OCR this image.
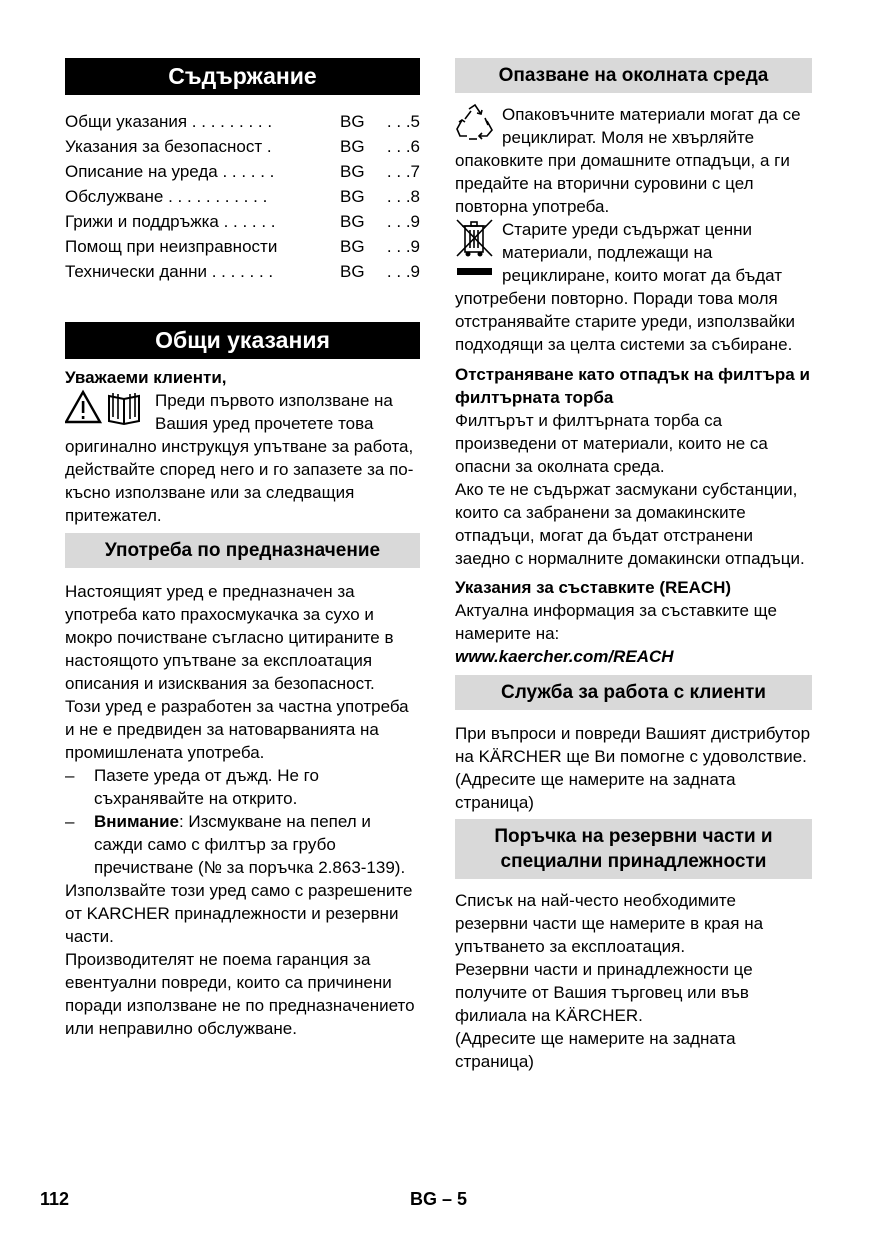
Съдържание
Общи указания . . . . . . . . .	BG	. . .5
Указания за безопасност .	BG	. . .6
Описание на уреда . . . . . .	BG	. . .7
Обслужване . . . . . . . . . . .	BG	. . .8
Грижи и поддръжка . . . . . .	BG	. . .9
Помощ при неизправности	BG	. . .9
Технически данни . . . . . . .	BG	. . .9
Общи указания

Уважаеми клиенти,

Преди първото използване на Вашия уред прочетете това оригинално инструкцуя упътване за работа, действайте според него и го запазете за по-късно използване или за следващия притежател.

Употреба по предназначение

Настоящият уред е предназначен за употреба като прахосмукачка за сухо и мокро почистване съгласно цитираните в настоящото упътване за експлоатация описания и изисквания за безопасност.

Този уред е разработен за частна употреба и не е предвиден за натоварванията на промишлената употреба.

– Пазете уреда от дъжд. Не го съхранявайте на открито.
– Внимание: Изсмукване на пепел и сажди само с филтър за грубо пречистване (№ за поръчка 2.863-139).

Използвайте този уред само с разрешените от KARCHER принадлежности и резервни части.

Производителят не поема гаранция за евентуални повреди, които са причинени поради използване не по предназначението или неправилно обслужване.

Опазване на околната среда

Опаковъчните материали могат да се рециклират. Моля не хвърляйте опаковките при домашните отпадъци, а ги предайте на вторични суровини с цел повторна употреба.

Старите уреди съдържат ценни материали, подлежащи на рециклиране, които могат да бъдат употребени повторно. Поради това моля отстранявайте старите уреди, използвайки подходящи за целта системи за събиране.

Отстраняване като отпадък на филтъра и филтърната торба

Филтърът и филтърната торба са произведени от материали, които не са опасни за околната среда.

Ако те не съдържат засмукани субстанции, които са забранени за домакинските отпадъци, могат да бъдат отстранени заедно с нормалните домакински отпадъци.

Указания за съставките (REACH)

Актуална информация за съставките ще намерите на:

www.kaercher.com/REACH

Служба за работа с клиенти

При въпроси и повреди Вашият дистрибутор на KÄRCHER ще Ви помогне с удоволствие.

(Адресите ще намерите на задната страница)

Поръчка на резервни части и специални принадлежности

Списък на най-често необходимите резервни части ще намерите в края на упътването за експлоатация.

Резервни части и принадлежности це получите от Вашия търговец или във филиала на KÄRCHER.

(Адресите ще намерите на задната страница)

112	BG – 5
